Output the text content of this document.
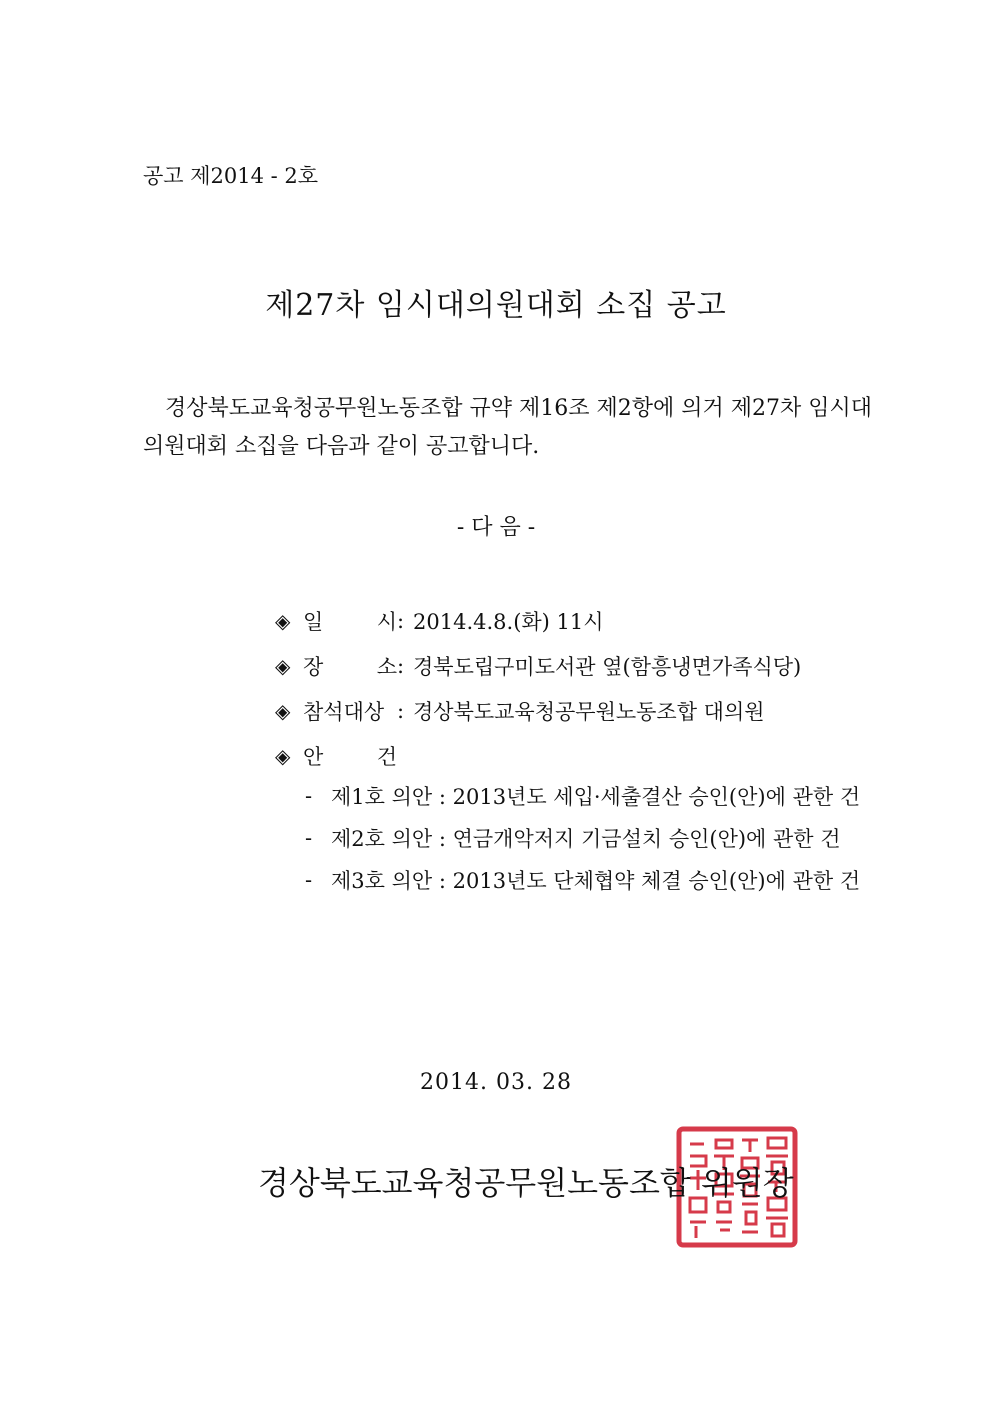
공고 제2014 - 2호
제27차 임시대의원대회 소집 공고
경상북도교육청공무원노동조합 규약 제16조 제2항에 의거 제27차 임시대
의원대회 소집을 다음과 같이 공고합니다.
- 다 음 -
◈ 일 시 : 2014.4.8.(화) 11시
◈ 장 소 : 경북도립구미도서관 옆(함흥냉면가족식당)
◈ 참석대상 : 경상북도교육청공무원노동조합 대의원
◈ 안 건
- 제1호 의안 : 2013년도 세입·세출결산 승인(안)에 관한 건
- 제2호 의안 : 연금개악저지 기금설치 승인(안)에 관한 건
- 제3호 의안 : 2013년도 단체협약 체결 승인(안)에 관한 건
2014. 03. 28
경상북도교육청공무원노동조합 위원장
